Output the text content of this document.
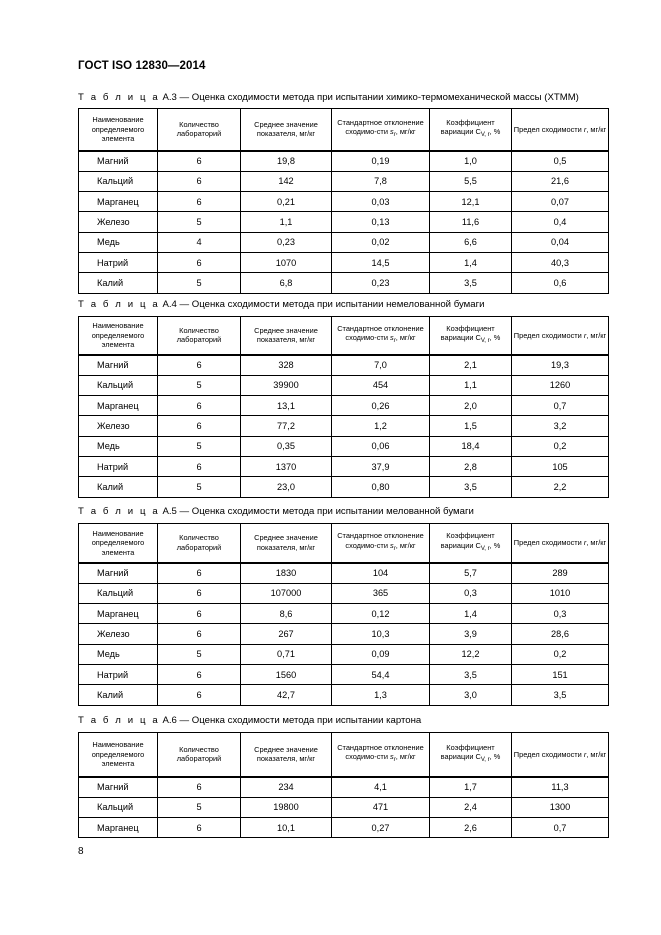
ГОСТ ISO 12830—2014
Т а б л и ц а А.3 — Оценка сходимости метода при испытании химико-термомеханической массы (ХТММ)
Наименование определяемого элемента	Количество лабораторий	Среднее значение показателя, мг/кг	Стандартное отклонение сходимо-сти $s_r$, мг/кг	Коэффициент вариации $C_{V, r}$, %	Предел сходимости r, мг/кг
Магний	6	19,8	0,19	1,0	0,5
Кальций	6	142	7,8	5,5	21,6
Марганец	6	0,21	0,03	12,1	0,07
Железо	5	1,1	0,13	11,6	0,4
Медь	4	0,23	0,02	6,6	0,04
Натрий	6	1070	14,5	1,4	40,3
Калий	5	6,8	0,23	3,5	0,6
Т а б л и ц а А.4 — Оценка сходимости метода при испытании немелованной бумаги
Наименование определяемого элемента	Количество лабораторий	Среднее значение показателя, мг/кг	Стандартное отклонение сходимо-сти $s_r$, мг/кг	Коэффициент вариации $C_{V, r}$, %	Предел сходимости r, мг/кг
Магний	6	328	7,0	2,1	19,3
Кальций	5	39900	454	1,1	1260
Марганец	6	13,1	0,26	2,0	0,7
Железо	6	77,2	1,2	1,5	3,2
Медь	5	0,35	0,06	18,4	0,2
Натрий	6	1370	37,9	2,8	105
Калий	5	23,0	0,80	3,5	2,2
Т а б л и ц а А.5 — Оценка сходимости метода при испытании мелованной бумаги
Наименование определяемого элемента	Количество лабораторий	Среднее значение показателя, мг/кг	Стандартное отклонение сходимо-сти $s_r$, мг/кг	Коэффициент вариации $C_{V, r}$, %	Предел сходимости r, мг/кг
Магний	6	1830	104	5,7	289
Кальций	6	107000	365	0,3	1010
Марганец	6	8,6	0,12	1,4	0,3
Железо	6	267	10,3	3,9	28,6
Медь	5	0,71	0,09	12,2	0,2
Натрий	6	1560	54,4	3,5	151
Калий	6	42,7	1,3	3,0	3,5
Т а б л и ц а А.6 — Оценка сходимости метода при испытании картона
Наименование определяемого элемента	Количество лабораторий	Среднее значение показателя, мг/кг	Стандартное отклонение сходимо-сти $s_r$, мг/кг	Коэффициент вариации $C_{V, r}$, %	Предел сходимости r, мг/кг
Магний	6	234	4,1	1,7	11,3
Кальций	5	19800	471	2,4	1300
Марганец	6	10,1	0,27	2,6	0,7
8
